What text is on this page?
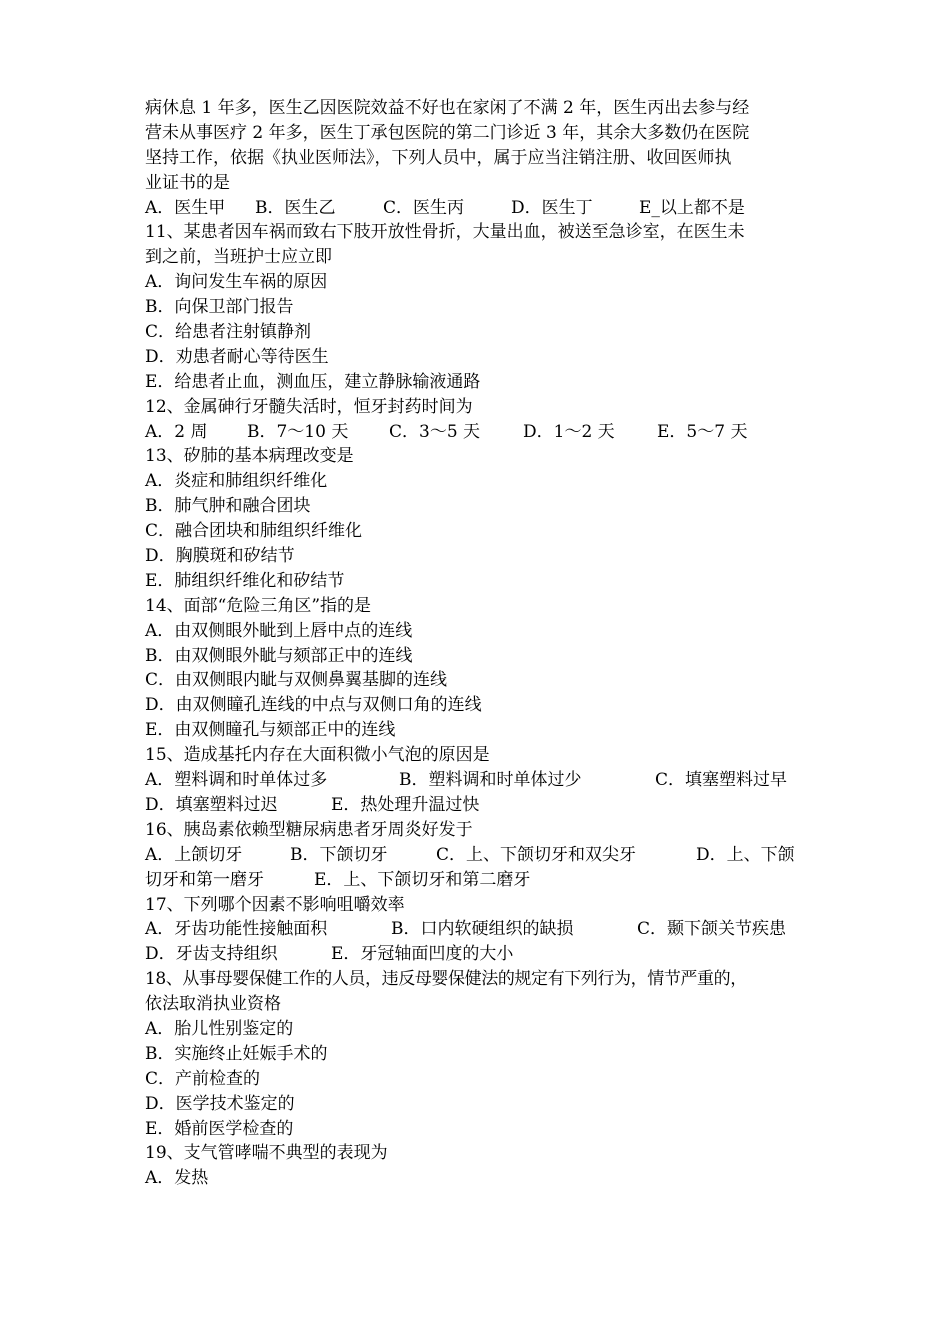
病休息 1 年多，医生乙因医院效益不好也在家闲了不满 2 年，医生丙出去参与经
营未从事医疗 2 年多，医生丁承包医院的第二门诊近 3 年，其余大多数仍在医院
坚持工作，依据《执业医师法》，下列人员中，属于应当注销注册、收回医师执
业证书的是
A．医生甲 B．医生乙	C．医生丙	D．医生丁	E_以上都不是
11、某患者因车祸而致右下肢开放性骨折，大量出血，被送至急诊室，在医生未
到之前，当班护士应立即
A．询问发生车祸的原因
B．向保卫部门报告
C．给患者注射镇静剂
D．劝患者耐心等待医生
E．给患者止血，测血压，建立静脉输液通路
12、金属砷行牙髓失活时，恒牙封药时间为
A．2 周 B．7～10 天 C．3～5 天	D．1～2 天 E．5～7 天
13、矽肺的基本病理改变是
A．炎症和肺组织纤维化
B．肺气肿和融合团块
C．融合团块和肺组织纤维化
D．胸膜斑和矽结节
E．肺组织纤维化和矽结节
14、面部“危险三角区”指的是
A．由双侧眼外眦到上唇中点的连线
B．由双侧眼外眦与颏部正中的连线
C．由双侧眼内眦与双侧鼻翼基脚的连线
D．由双侧瞳孔连线的中点与双侧口角的连线
E．由双侧瞳孔与颏部正中的连线
15、造成基托内存在大面积微小气泡的原因是
A．塑料调和时单体过多	B．塑料调和时单体过少	C．填塞塑料过早
D．填塞塑料过迟	E．热处理升温过快
16、胰岛素依赖型糖尿病患者牙周炎好发于
A．上颌切牙	B．下颌切牙	C．上、下颌切牙和双尖牙	D．上、下颌
切牙和第一磨牙	E．上、下颌切牙和第二磨牙
17、下列哪个因素不影响咀嚼效率
A．牙齿功能性接触面积	B．口内软硬组织的缺损	C．颞下颌关节疾患
D．牙齿支持组织	E．牙冠轴面凹度的大小
18、从事母婴保健工作的人员，违反母婴保健法的规定有下列行为，情节严重的，
依法取消执业资格
A．胎儿性别鉴定的
B．实施终止妊娠手术的
C．产前检查的
D．医学技术鉴定的
E．婚前医学检查的
19、支气管哮喘不典型的表现为
A．发热
